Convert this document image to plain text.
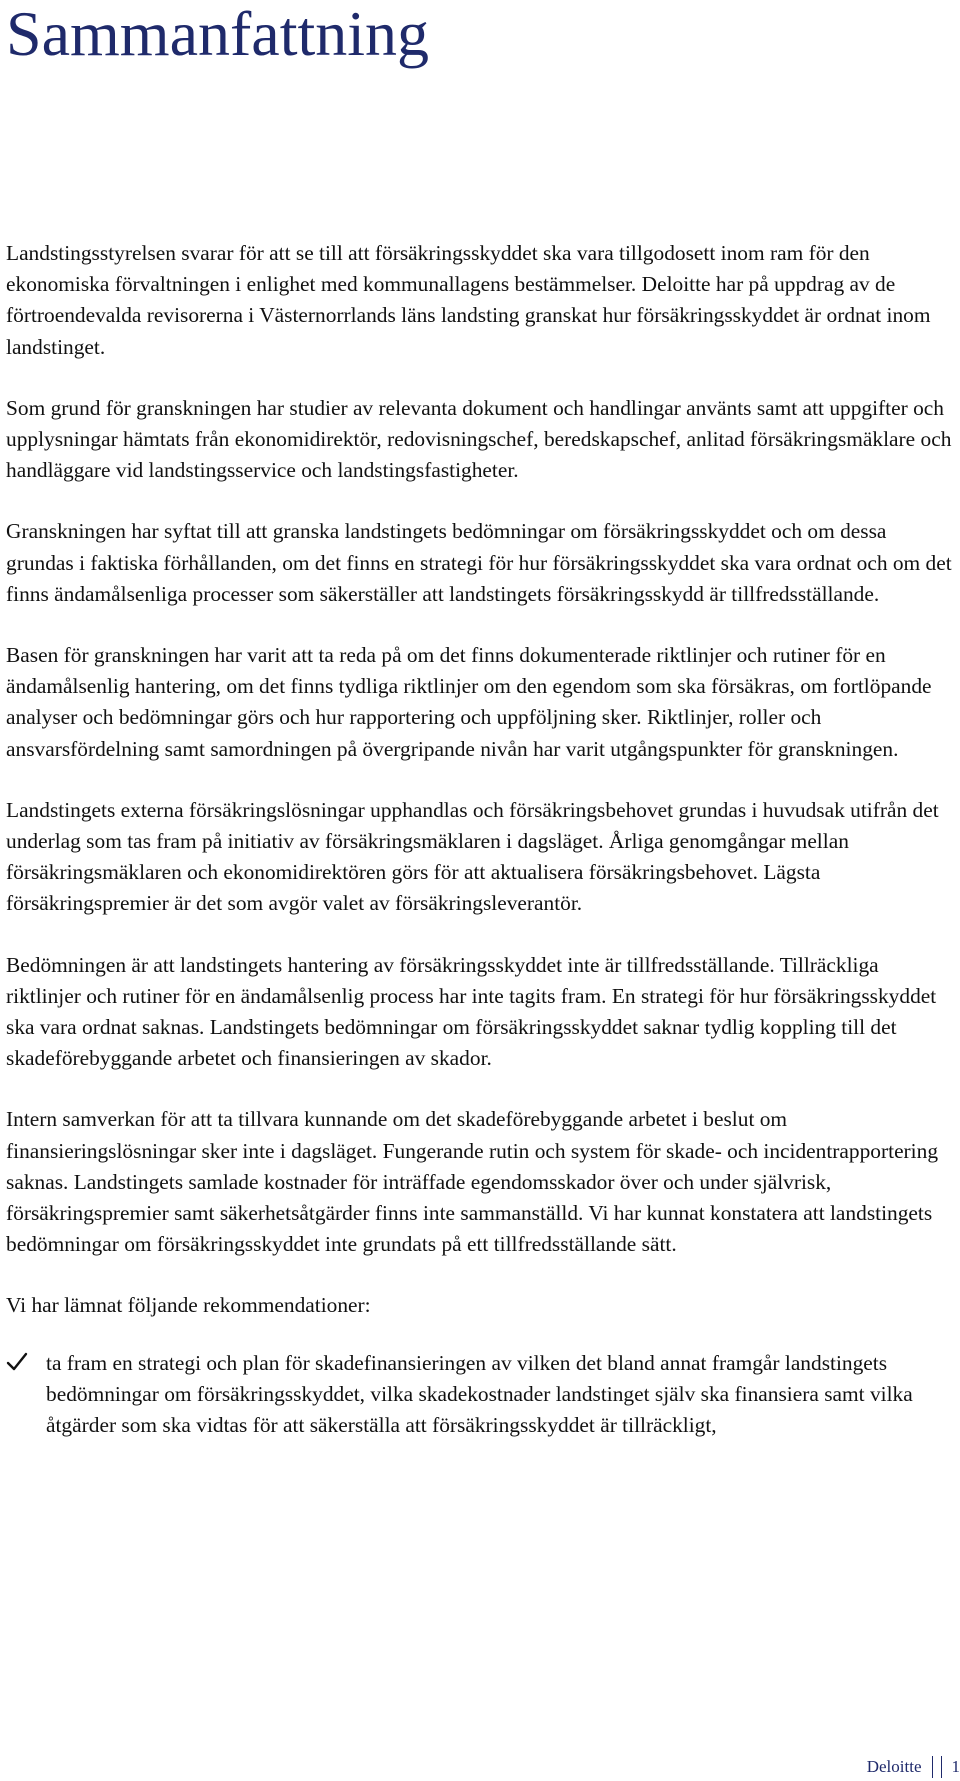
Sammanfattning

Landstingsstyrelsen svarar för att se till att försäkringsskyddet ska vara tillgodosett inom ram för den ekonomiska förvaltningen i enlighet med kommunallagens bestämmelser. Deloitte har på uppdrag av de förtroendevalda revisorerna i Västernorrlands läns landsting granskat hur försäkringsskyddet är ordnat inom landstinget.

Som grund för granskningen har studier av relevanta dokument och handlingar använts samt att uppgifter och upplysningar hämtats från ekonomidirektör, redovisningschef, beredskapschef, anlitad försäkringsmäklare och handläggare vid landstingsservice och landstingsfastigheter.

Granskningen har syftat till att granska landstingets bedömningar om försäkringsskyddet och om dessa grundas i faktiska förhållanden, om det finns en strategi för hur försäkringsskyddet ska vara ordnat och om det finns ändamålsenliga processer som säkerställer att landstingets försäkringsskydd är tillfredsställande.

Basen för granskningen har varit att ta reda på om det finns dokumenterade riktlinjer och rutiner för en ändamålsenlig hantering, om det finns tydliga riktlinjer om den egendom som ska försäkras, om fortlöpande analyser och bedömningar görs och hur rapportering och uppföljning sker. Riktlinjer, roller och ansvarsfördelning samt samordningen på övergripande nivån har varit utgångspunkter för granskningen.

Landstingets externa försäkringslösningar upphandlas och försäkringsbehovet grundas i huvudsak utifrån det underlag som tas fram på initiativ av försäkringsmäklaren i dagsläget. Årliga genomgångar mellan försäkringsmäklaren och ekonomidirektören görs för att aktualisera försäkringsbehovet. Lägsta försäkringspremier är det som avgör valet av försäkringsleverantör.

Bedömningen är att landstingets hantering av försäkringsskyddet inte är tillfredsställande. Tillräckliga riktlinjer och rutiner för en ändamålsenlig process har inte tagits fram. En strategi för hur försäkringsskyddet ska vara ordnat saknas. Landstingets bedömningar om försäkringsskyddet saknar tydlig koppling till det skadeförebyggande arbetet och finansieringen av skador.

Intern samverkan för att ta tillvara kunnande om det skadeförebyggande arbetet i beslut om finansieringslösningar sker inte i dagsläget. Fungerande rutin och system för skade- och incidentrapportering saknas. Landstingets samlade kostnader för inträffade egendomsskador över och under självrisk, försäkringspremier samt säkerhetsåtgärder finns inte sammanställd. Vi har kunnat konstatera att landstingets bedömningar om försäkringsskyddet inte grundats på ett tillfredsställande sätt.

Vi har lämnat följande rekommendationer:

ta fram en strategi och plan för skadefinansieringen av vilken det bland annat framgår landstingets bedömningar om försäkringsskyddet, vilka skadekostnader landstinget själv ska finansiera samt vilka åtgärder som ska vidtas för att säkerställa att försäkringsskyddet är tillräckligt,
Deloitte 1
